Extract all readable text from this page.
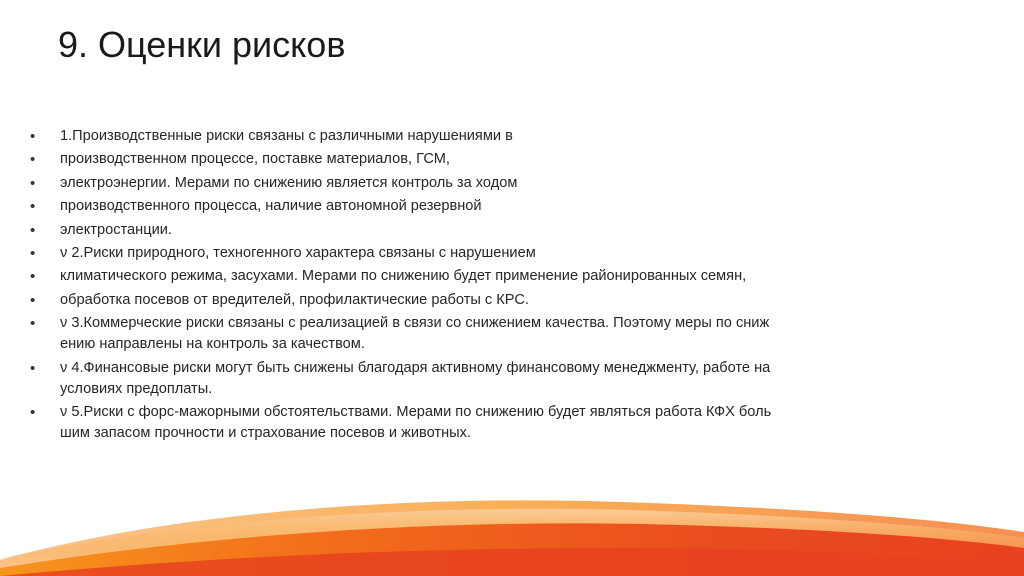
9. Оценки рисков
• 1.Производственные риски связаны с различными нарушениями в
• производственном процессе, поставке материалов, ГСМ,
• электроэнергии. Мерами по снижению является контроль за ходом
• производственного процесса, наличие автономной резервной
• электростанции.
• ν 2.Риски природного, техногенного характера связаны с нарушением
• климатического режима, засухами. Мерами по снижению будет применение районированных семян,
• обработка посевов от вредителей, профилактические работы с КРС.
• ν 3.Коммерческие риски связаны с реализацией в связи со снижением качества. Поэтому меры по сниж
ению направлены на контроль за качеством.
• ν 4.Финансовые риски могут быть снижены благодаря активному финансовому менеджменту, работе на
условиях предоплаты.
• ν 5.Риски с форс-мажорными обстоятельствами. Мерами по снижению будет являться работа КФХ боль
шим запасом прочности и страхование посевов и животных.
